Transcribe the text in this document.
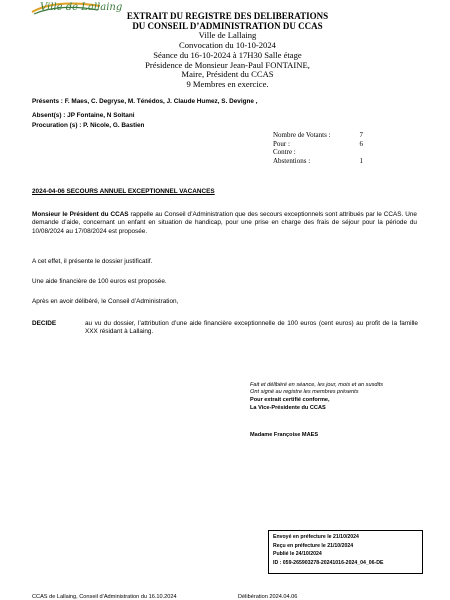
Ville de Lallaing
EXTRAIT DU REGISTRE DES DELIBERATIONS
DU CONSEIL D’ADMINISTRATION DU CCAS
Ville de Lallaing
Convocation du 10-10-2024
Séance du 16-10-2024 à 17H30 Salle étage
Présidence de Monsieur Jean-Paul FONTAINE,
Maire, Président du CCAS
9 Membres en exercice.
Présents : F. Maes, C. Degryse, M. Ténédos, J. Claude Humez, S. Devigne ,
Absent(s) : JP Fontaine, N Soltani
Procuration (s) : P. Nicole, G. Bastien
Nombre de Votants :	7
Pour :	6
Contre :
Abstentions :	1
2024-04-06 SECOURS ANNUEL EXCEPTIONNEL VACANCES
Monsieur le Président du CCAS rappelle au Conseil d’Administration que des secours exceptionnels sont attribués par le CCAS. Une demande d’aide, concernant un enfant en situation de handicap, pour une prise en charge des frais de séjour pour la période du 10/08/2024 au 17/08/2024 est proposée.
A cet effet, il présente le dossier justificatif.
Une aide financière de 100 euros est proposée.
Après en avoir délibéré, le Conseil d’Administration,
DECIDE	au vu du dossier, l’attribution d’une aide financière exceptionnelle de 100 euros (cent euros) au profit de la famille XXX résidant à Lallaing.
Fait et délibéré en séance, les jour, mois et an susdits
Ont signé au registre les membres présents
Pour extrait certifié conforme,
La Vice-Présidente du CCAS
Madame Françoise MAES
Envoyé en préfecture le 21/10/2024
Reçu en préfecture le 21/10/2024
Publié le 24/10/2024
ID : 059-265903278-20241016-2024_04_06-DE
CCAS de Lallaing, Conseil d’Administration du 16.10.2024	Délibération 2024.04.06
